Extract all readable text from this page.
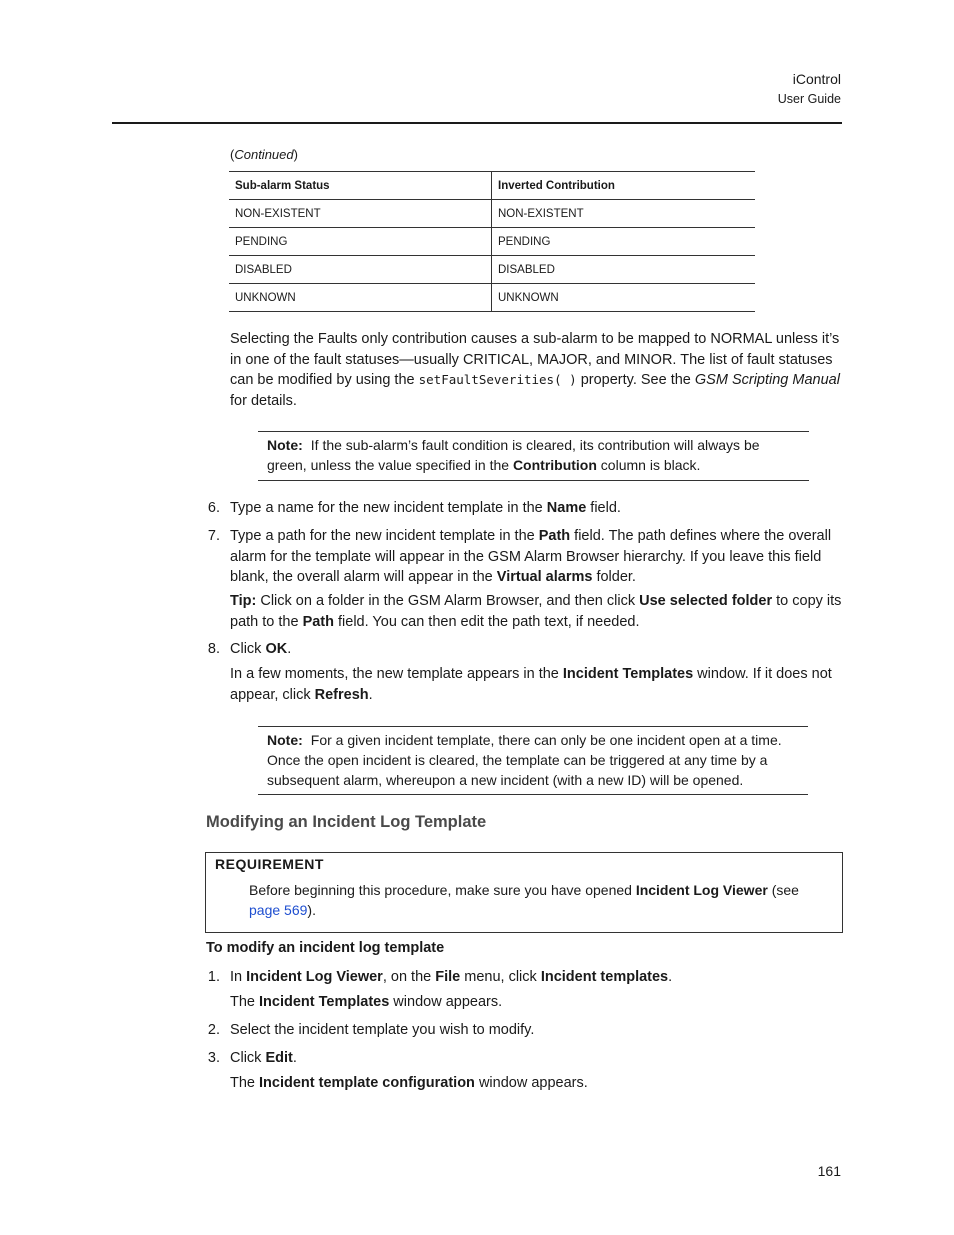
iControl
User Guide
(Continued)
Sub-alarm Status	Inverted Contribution
NON-EXISTENT	NON-EXISTENT
PENDING	PENDING
DISABLED	DISABLED
UNKNOWN	UNKNOWN
Selecting the Faults only contribution causes a sub-alarm to be mapped to NORMAL unless it’s in one of the fault statuses—usually CRITICAL, MAJOR, and MINOR. The list of fault statuses can be modified by using the setFaultSeverities( ) property. See the GSM Scripting Manual for details.
Note: If the sub-alarm’s fault condition is cleared, its contribution will always be green, unless the value specified in the Contribution column is black.
6. Type a name for the new incident template in the Name field.
7. Type a path for the new incident template in the Path field. The path defines where the overall alarm for the template will appear in the GSM Alarm Browser hierarchy. If you leave this field blank, the overall alarm will appear in the Virtual alarms folder.
Tip: Click on a folder in the GSM Alarm Browser, and then click Use selected folder to copy its path to the Path field. You can then edit the path text, if needed.
8. Click OK.
In a few moments, the new template appears in the Incident Templates window. If it does not appear, click Refresh.
Note: For a given incident template, there can only be one incident open at a time. Once the open incident is cleared, the template can be triggered at any time by a subsequent alarm, whereupon a new incident (with a new ID) will be opened.
Modifying an Incident Log Template
REQUIREMENT
Before beginning this procedure, make sure you have opened Incident Log Viewer (see page 569).
To modify an incident log template
1. In Incident Log Viewer, on the File menu, click Incident templates.
The Incident Templates window appears.
2. Select the incident template you wish to modify.
3. Click Edit.
The Incident template configuration window appears.
161
